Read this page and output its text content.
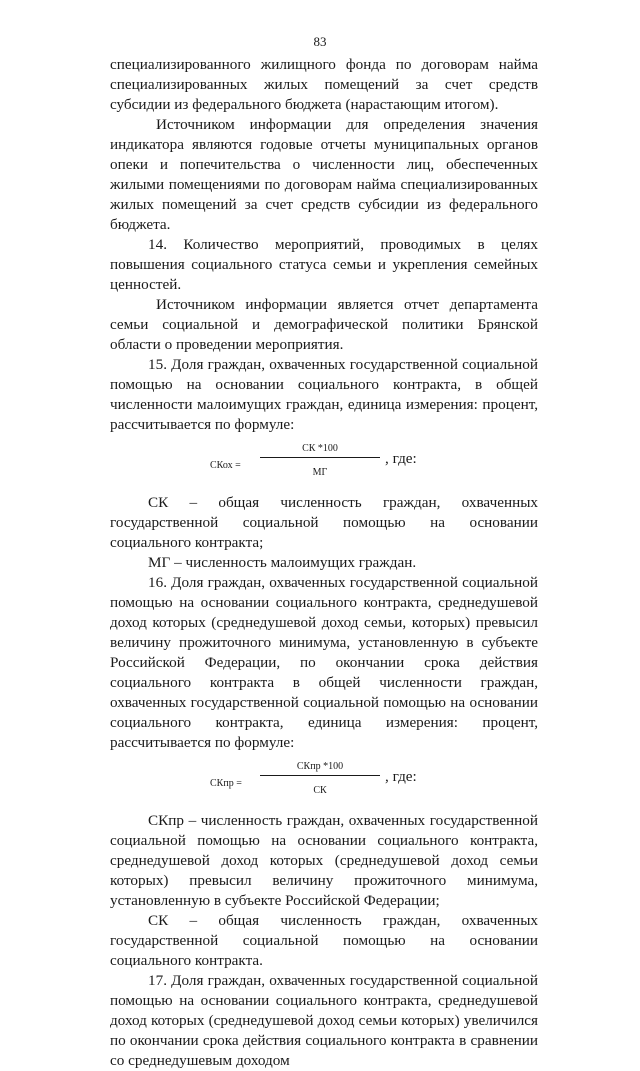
83

специализированного жилищного фонда по договорам найма специализированных жилых помещений за счет средств субсидии из федерального бюджета (нарастающим итогом).

Источником информации для определения значения индикатора являются годовые отчеты муниципальных органов опеки и попечительства о численности лиц, обеспеченных жилыми помещениями по договорам найма специализированных жилых помещений за счет средств субсидии из федерального бюджета.

14. Количество мероприятий, проводимых в целях повышения социального статуса семьи и укрепления семейных ценностей.

Источником информации является отчет департамента семьи социальной и демографической политики Брянской области о проведении мероприятия.

15. Доля граждан, охваченных государственной социальной помощью на основании социального контракта, в общей численности малоимущих граждан, единица измерения: процент, рассчитывается по формуле:

СКох =
СК *100
МГ
, где:

СК – общая численность граждан, охваченных государственной социальной помощью на основании социального контракта;

МГ – численность малоимущих граждан.

16. Доля граждан, охваченных государственной социальной помощью на основании социального контракта, среднедушевой доход которых (среднедушевой доход семьи, которых) превысил величину прожиточного минимума, установленную в субъекте Российской Федерации, по окончании срока действия социального контракта в общей численности граждан, охваченных государственной социальной помощью на основании социального контракта, единица измерения: процент, рассчитывается по формуле:

СКпр =
СКпр *100
СК
, где:

СКпр – численность граждан, охваченных государственной социальной помощью на основании социального контракта, среднедушевой доход которых (среднедушевой доход семьи которых) превысил величину прожиточного минимума, установленную в субъекте Российской Федерации;

СК – общая численность граждан, охваченных государственной социальной помощью на основании социального контракта.

17. Доля граждан, охваченных государственной социальной помощью на основании социального контракта, среднедушевой доход которых (среднедушевой доход семьи которых) увеличился по окончании срока действия социального контракта в сравнении со среднедушевым доходом
